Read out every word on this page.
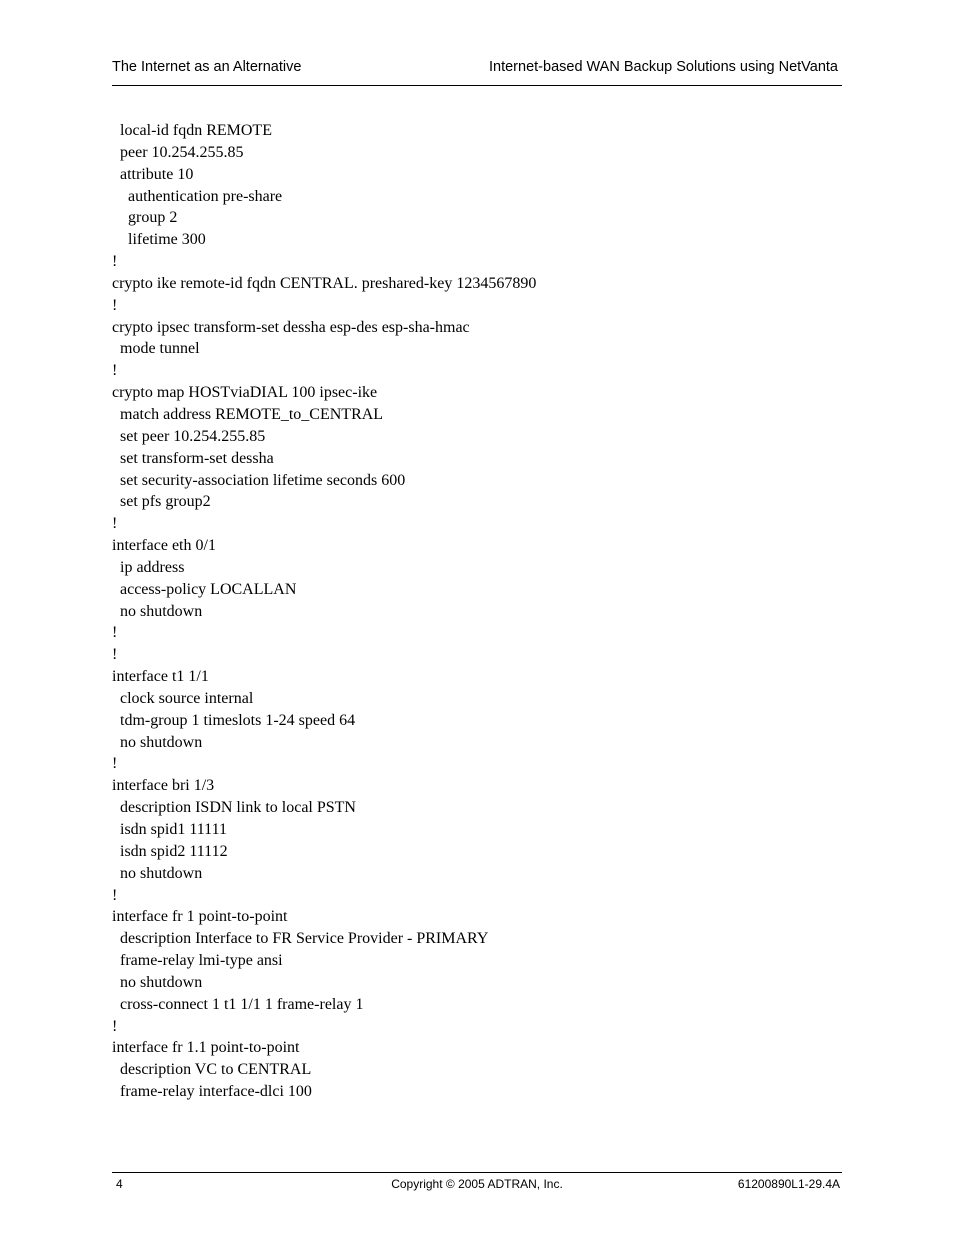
The Internet as an Alternative	Internet-based WAN Backup Solutions using NetVanta
local-id fqdn REMOTE
peer 10.254.255.85
attribute 10
authentication pre-share
group 2
lifetime 300
!
crypto ike remote-id fqdn CENTRAL. preshared-key 1234567890
!
crypto ipsec transform-set dessha esp-des esp-sha-hmac
mode tunnel
!
crypto map HOSTviaDIAL 100 ipsec-ike
match address REMOTE_to_CENTRAL
set peer 10.254.255.85
set transform-set dessha
set security-association lifetime seconds 600
set pfs group2
!
interface eth 0/1
ip address
access-policy LOCALLAN
no shutdown
!
!
interface t1 1/1
clock source internal
tdm-group 1 timeslots 1-24 speed 64
no shutdown
!
interface bri 1/3
description ISDN link to local PSTN
isdn spid1 11111
isdn spid2 11112
no shutdown
!
interface fr 1 point-to-point
description Interface to FR Service Provider - PRIMARY
frame-relay lmi-type ansi
no shutdown
cross-connect 1 t1 1/1 1 frame-relay 1
!
interface fr 1.1 point-to-point
description VC to CENTRAL
frame-relay interface-dlci 100
4	Copyright © 2005 ADTRAN, Inc.	61200890L1-29.4A
